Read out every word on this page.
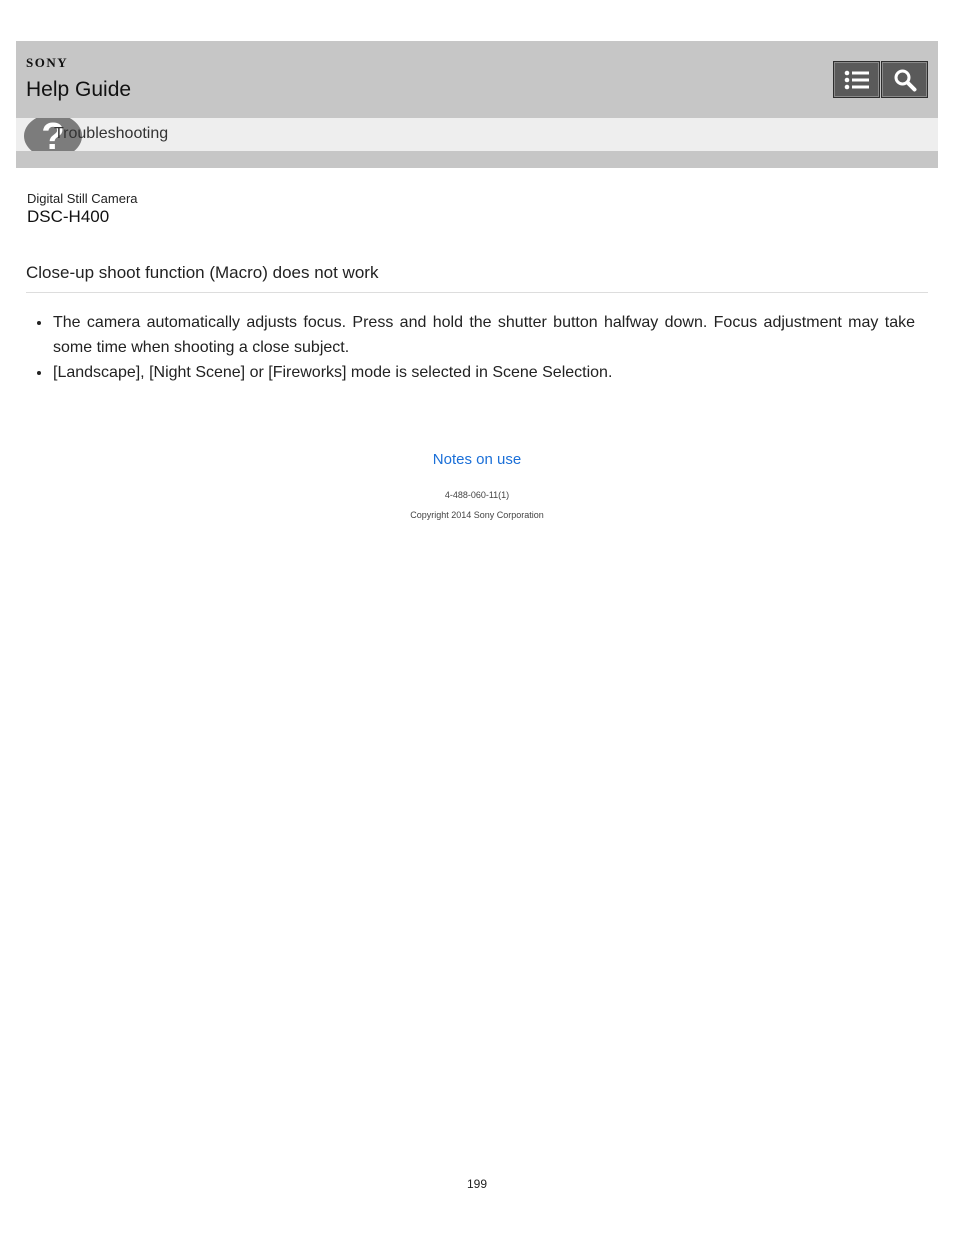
SONY
Help Guide
?
Troubleshooting
Digital Still Camera
DSC-H400
Close-up shoot function (Macro) does not work
The camera automatically adjusts focus. Press and hold the shutter button halfway down. Focus adjustment may take some time when shooting a close subject.
[Landscape], [Night Scene] or [Fireworks] mode is selected in Scene Selection.
Notes on use
4-488-060-11(1)
Copyright 2014 Sony Corporation
199
